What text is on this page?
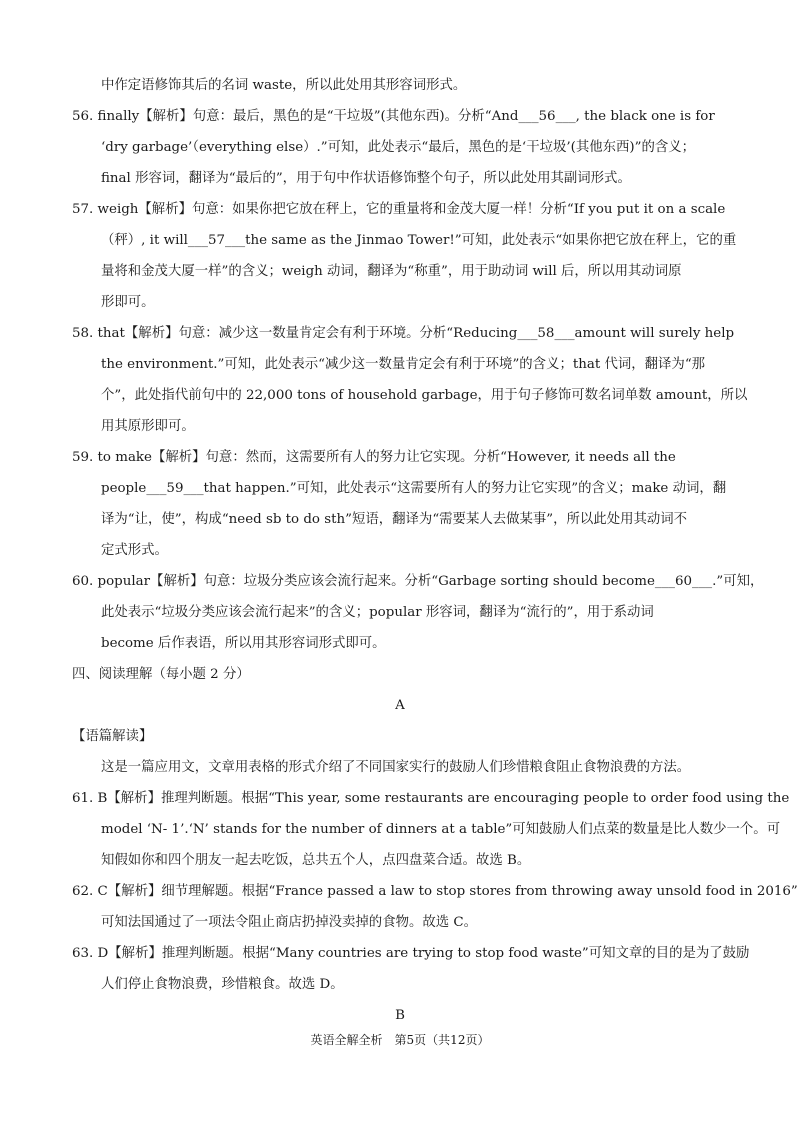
中作定语修饰其后的名词 waste，所以此处用其形容词形式。
56. finally【解析】句意：最后，黑色的是“干垃圾”(其他东西)。分析“And___56___, the black one is for
‘dry garbage’（everything else）.”可知，此处表示“最后，黑色的是‘干垃圾’(其他东西)”的含义；
final 形容词，翻译为“最后的”，用于句中作状语修饰整个句子，所以此处用其副词形式。
57. weigh【解析】句意：如果你把它放在秤上，它的重量将和金茂大厦一样！分析“If you put it on a scale
（秤）, it will___57___the same as the Jinmao Tower!”可知，此处表示“如果你把它放在秤上，它的重
量将和金茂大厦一样”的含义；weigh 动词，翻译为“称重”，用于助动词 will 后，所以用其动词原
形即可。
58. that【解析】句意：减少这一数量肯定会有利于环境。分析“Reducing___58___amount will surely help
the environment.”可知，此处表示“减少这一数量肯定会有利于环境”的含义；that 代词，翻译为“那
个”，此处指代前句中的 22,000 tons of household garbage，用于句子修饰可数名词单数 amount，所以
用其原形即可。
59. to make【解析】句意：然而，这需要所有人的努力让它实现。分析“However, it needs all the
people___59___that happen.”可知，此处表示“这需要所有人的努力让它实现”的含义；make 动词，翻
译为“让，使”，构成“need sb to do sth”短语，翻译为“需要某人去做某事”，所以此处用其动词不
定式形式。
60. popular【解析】句意：垃圾分类应该会流行起来。分析“Garbage sorting should become___60___.”可知，
此处表示“垃圾分类应该会流行起来”的含义；popular 形容词，翻译为“流行的”，用于系动词
become 后作表语，所以用其形容词形式即可。
四、阅读理解（每小题 2 分）
A
【语篇解读】
这是一篇应用文，文章用表格的形式介绍了不同国家实行的鼓励人们珍惜粮食阻止食物浪费的方法。
61. B【解析】推理判断题。根据“This year, some restaurants are encouraging people to order food using the
model ‘N- 1’.‘N’ stands for the number of dinners at a table”可知鼓励人们点菜的数量是比人数少一个。可
知假如你和四个朋友一起去吃饭，总共五个人，点四盘菜合适。故选 B。
62. C【解析】细节理解题。根据“France passed a law to stop stores from throwing away unsold food in 2016”
可知法国通过了一项法令阻止商店扔掉没卖掉的食物。故选 C。
63. D【解析】推理判断题。根据“Many countries are trying to stop food waste”可知文章的目的是为了鼓励
人们停止食物浪费，珍惜粮食。故选 D。
B
英语全解全析　第5页（共12页）
